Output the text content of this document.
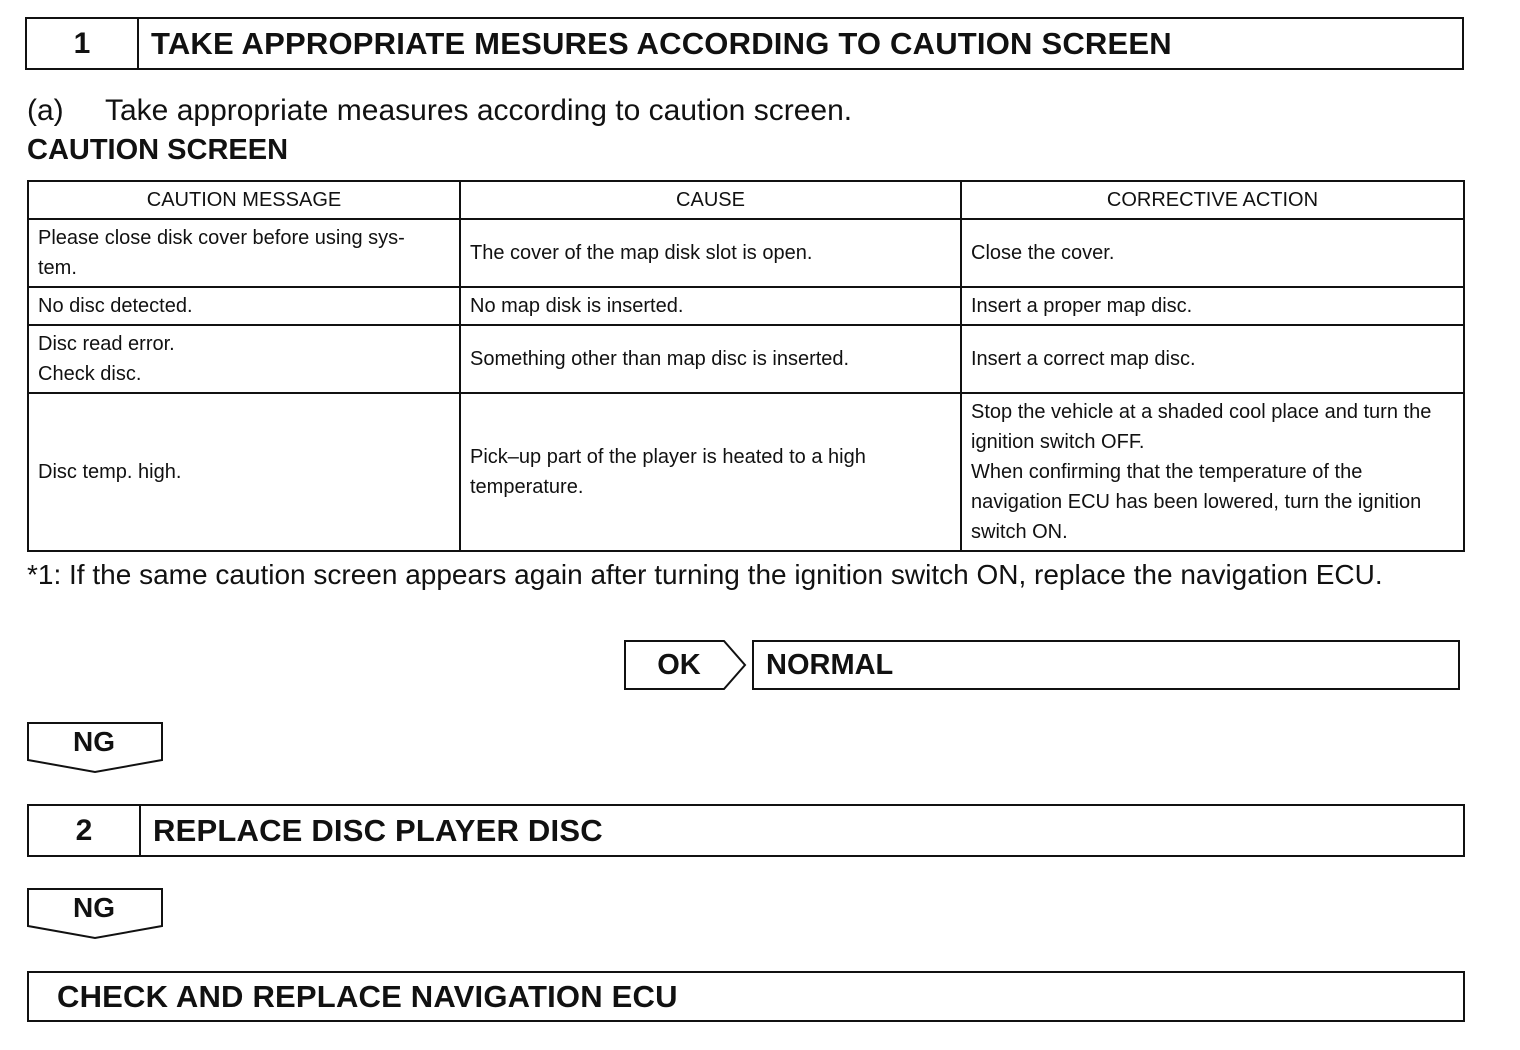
1	TAKE APPROPRIATE MESURES ACCORDING TO CAUTION SCREEN
(a) Take appropriate measures according to caution screen.
CAUTION SCREEN
CAUTION MESSAGE	CAUSE	CORRECTIVE ACTION
Please close disk cover before using sys-
tem.	The cover of the map disk slot is open.	Close the cover.
No disc detected.	No map disk is inserted.	Insert a proper map disc.
Disc read error.
Check disc.	Something other than map disc is inserted.	Insert a correct map disc.
Disc temp. high.	Pick–up part of the player is heated to a high temperature.	Stop the vehicle at a shaded cool place and turn the ignition switch OFF.
When confirming that the temperature of the navigation ECU has been lowered, turn the ignition switch ON.
*1: If the same caution screen appears again after turning the ignition switch ON, replace the navigation ECU.
OK	NORMAL
NG
2	REPLACE DISC PLAYER DISC
NG
CHECK AND REPLACE NAVIGATION ECU
